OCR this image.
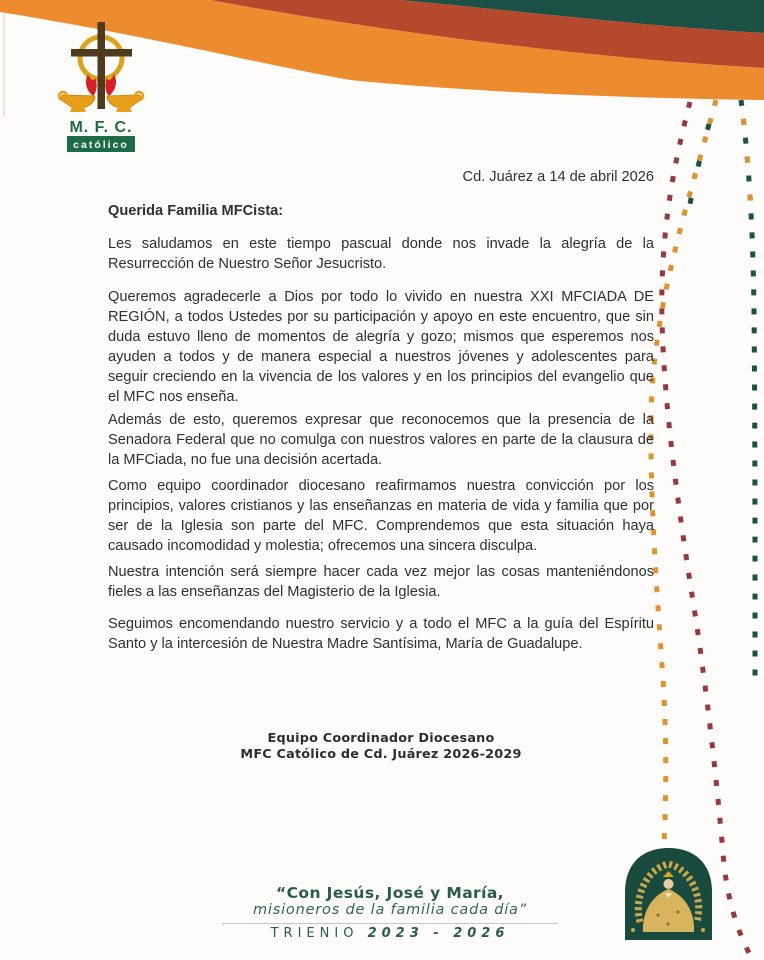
M. F. C.
católico
Cd. Juárez a 14 de abril 2026
Querida Familia MFCista:

Les saludamos en este tiempo pascual donde nos invade la alegría de la Resurrección de Nuestro Señor Jesucristo.

Queremos agradecerle a Dios por todo lo vivido en nuestra XXI MFCIADA DE REGIÓN, a todos Ustedes por su participación y apoyo en este encuentro, que sin duda estuvo lleno de momentos de alegría y gozo; mismos que esperemos nos ayuden a todos y de manera especial a nuestros jóvenes y adolescentes para seguir creciendo en la vivencia de los valores y en los principios del evangelio que el MFC nos enseña.

Además de esto, queremos expresar que reconocemos que la presencia de la Senadora Federal que no comulga con nuestros valores en parte de la clausura de la MFCiada, no fue una decisión acertada.

Como equipo coordinador diocesano reafirmamos nuestra convicción por los principios, valores cristianos y las enseñanzas en materia de vida y familia que por ser de la Iglesia son parte del MFC. Comprendemos que esta situación haya causado incomodidad y molestia; ofrecemos una sincera disculpa.

Nuestra intención será siempre hacer cada vez mejor las cosas manteniéndonos fieles a las enseñanzas del Magisterio de la Iglesia.

Seguimos encomendando nuestro servicio y a todo el MFC a la guía del Espíritu Santo y la intercesión de Nuestra Madre Santísima, María de Guadalupe.

Equipo Coordinador Diocesano
MFC Católico de Cd. Juárez 2026-2029
“Con Jesús, José y María,
misioneros de la familia cada día”
TRIENIO 2023 - 2026
